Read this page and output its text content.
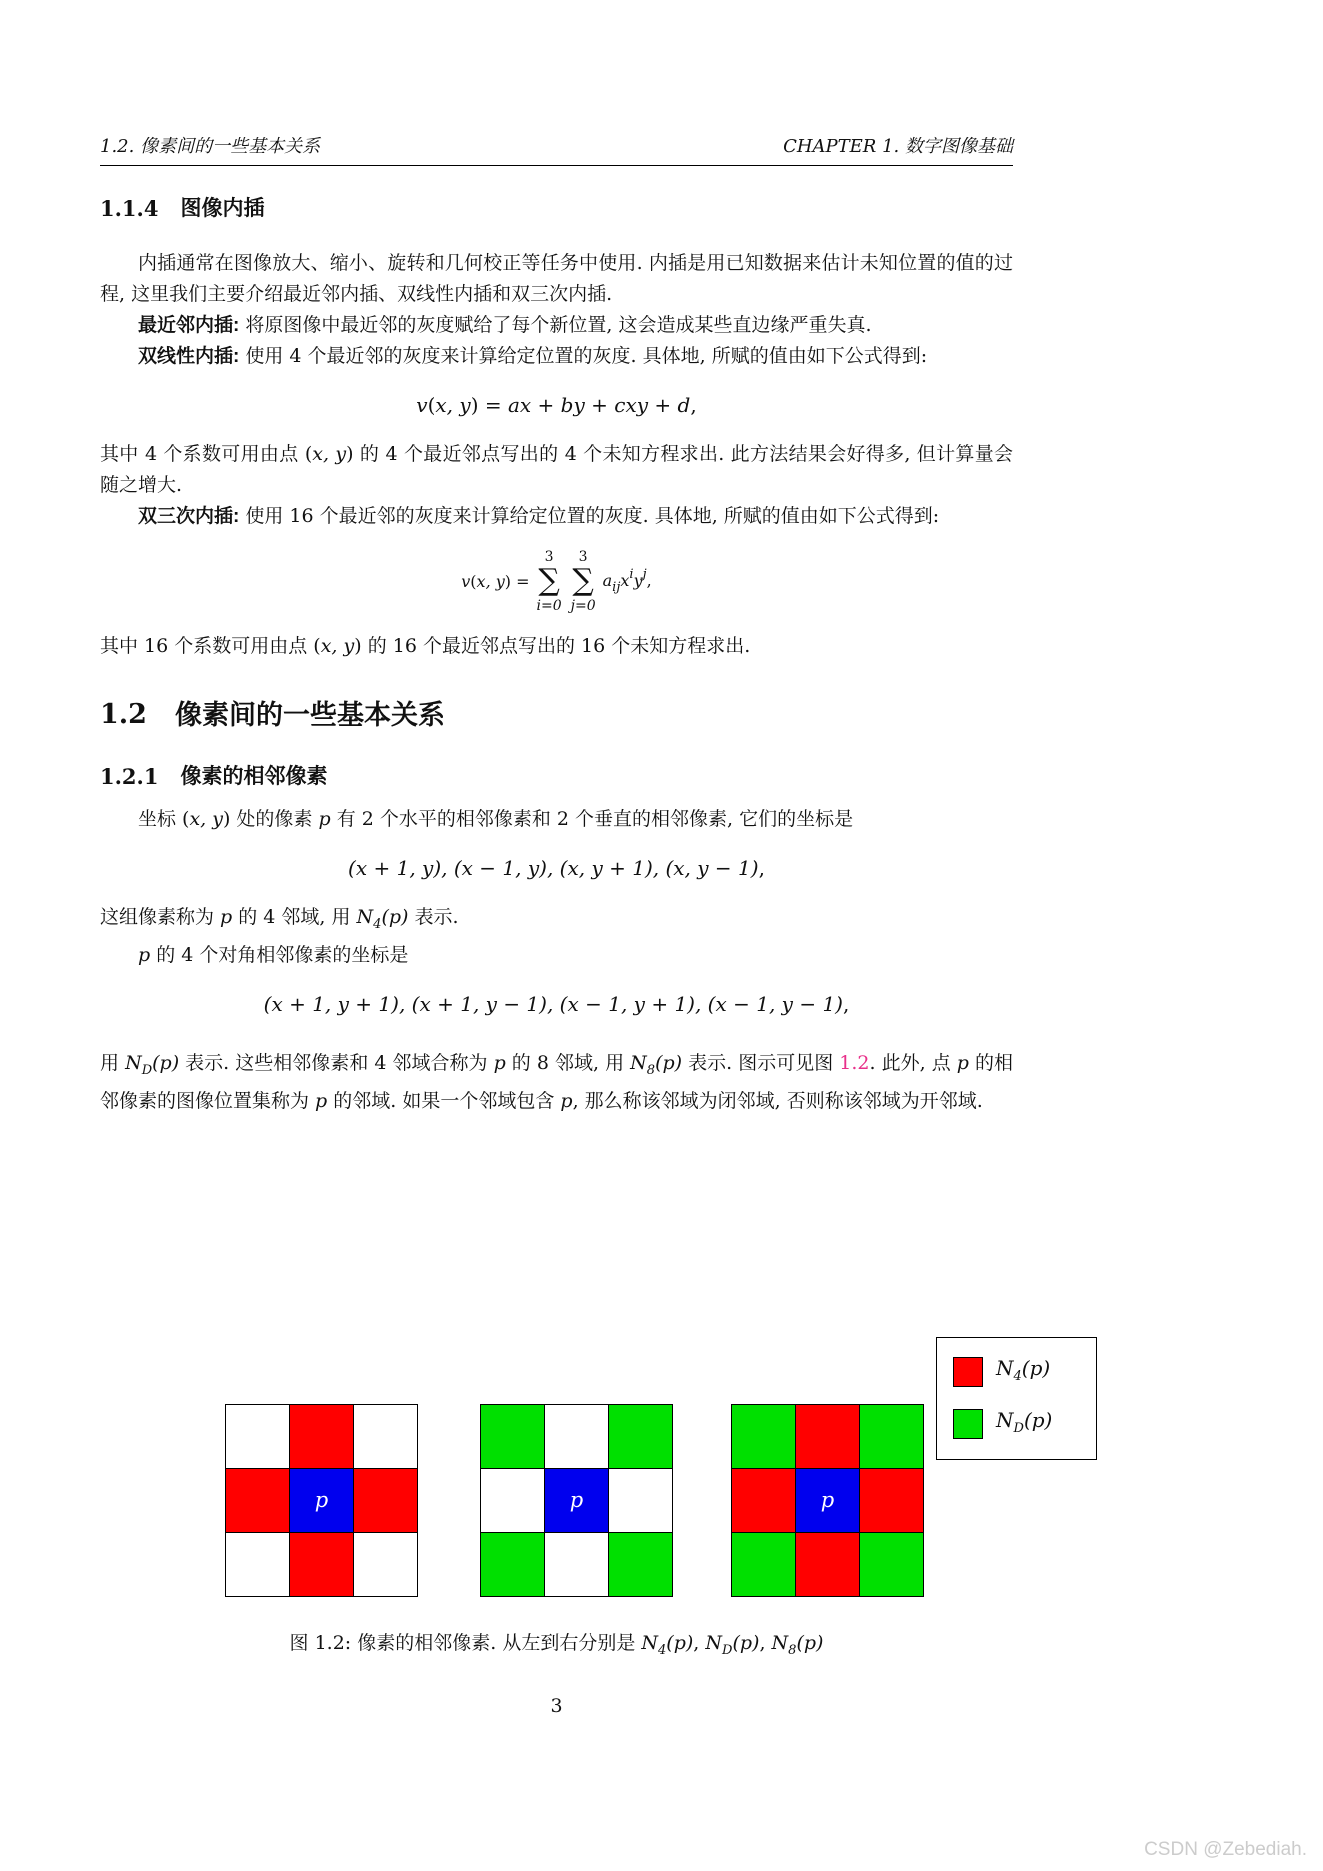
1.2. 像素间的一些基本关系	CHAPTER 1. 数字图像基础
1.1.4 图像内插

内插通常在图像放大、缩小、旋转和几何校正等任务中使用. 内插是用已知数据来估计未知位置的值的过程, 这里我们主要介绍最近邻内插、双线性内插和双三次内插.

最近邻内插: 将原图像中最近邻的灰度赋给了每个新位置, 这会造成某些直边缘严重失真.

双线性内插: 使用 4 个最近邻的灰度来计算给定位置的灰度. 具体地, 所赋的值由如下公式得到:

v(x, y) = ax + by + cxy + d,

其中 4 个系数可用由点 (x, y) 的 4 个最近邻点写出的 4 个未知方程求出. 此方法结果会好得多, 但计算量会随之增大.

双三次内插: 使用 16 个最近邻的灰度来计算给定位置的灰度. 具体地, 所赋的值由如下公式得到:

v(x, y) =
3
∑
i=0
3
∑
j=0
$a_{ij}x^iy^j$,

其中 16 个系数可用由点 (x, y) 的 16 个最近邻点写出的 16 个未知方程求出.

1.2 像素间的一些基本关系
1.2.1 像素的相邻像素

坐标 (x, y) 处的像素 p 有 2 个水平的相邻像素和 2 个垂直的相邻像素, 它们的坐标是

(x + 1, y), (x − 1, y), (x, y + 1), (x, y − 1),

这组像素称为 p 的 4 邻域, 用 $N_4(p)$ 表示.

p 的 4 个对角相邻像素的坐标是

(x + 1, y + 1), (x + 1, y − 1), (x − 1, y + 1), (x − 1, y − 1),

用 $N_D(p)$ 表示. 这些相邻像素和 4 邻域合称为 p 的 8 邻域, 用 $N_8(p)$ 表示. 图示可见图 1.2. 此外, 点 p 的相邻像素的图像位置集称为 p 的邻域. 如果一个邻域包含 p, 那么称该邻域为闭邻域, 否则称该邻域为开邻域.

p	p	p
$N_4(p)$
$N_D(p)$
图 1.2: 像素的相邻像素. 从左到右分别是 $N_4(p)$, $N_D(p)$, $N_8(p)$
3
CSDN @Zebediah.
